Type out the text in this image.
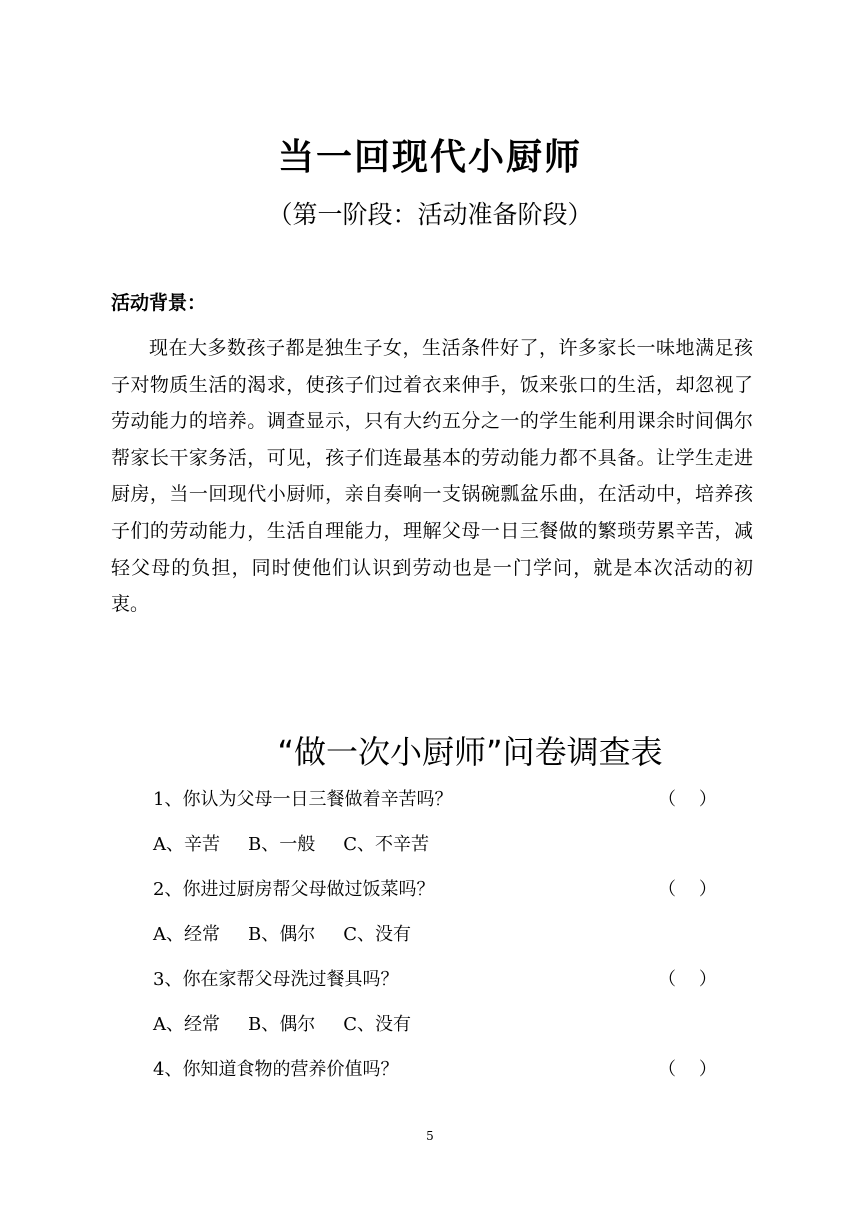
当一回现代小厨师
（第一阶段：活动准备阶段）
活动背景：

现在大多数孩子都是独生子女，生活条件好了，许多家长一味地满足孩子对物质生活的渴求，使孩子们过着衣来伸手，饭来张口的生活，却忽视了劳动能力的培养。调查显示，只有大约五分之一的学生能利用课余时间偶尔帮家长干家务活，可见，孩子们连最基本的劳动能力都不具备。让学生走进厨房，当一回现代小厨师，亲自奏响一支锅碗瓢盆乐曲，在活动中，培养孩子们的劳动能力，生活自理能力，理解父母一日三餐做的繁琐劳累辛苦，减轻父母的负担，同时使他们认识到劳动也是一门学问，就是本次活动的初衷。

“做一次小厨师”问卷调查表
1、你认为父母一日三餐做着辛苦吗？	（    ）
A、辛苦 B、一般 C、不辛苦
2、你进过厨房帮父母做过饭菜吗？	（    ）
A、经常 B、偶尔 C、没有
3、你在家帮父母洗过餐具吗？	（    ）
A、经常 B、偶尔 C、没有
4、你知道食物的营养价值吗？	（    ）
5
